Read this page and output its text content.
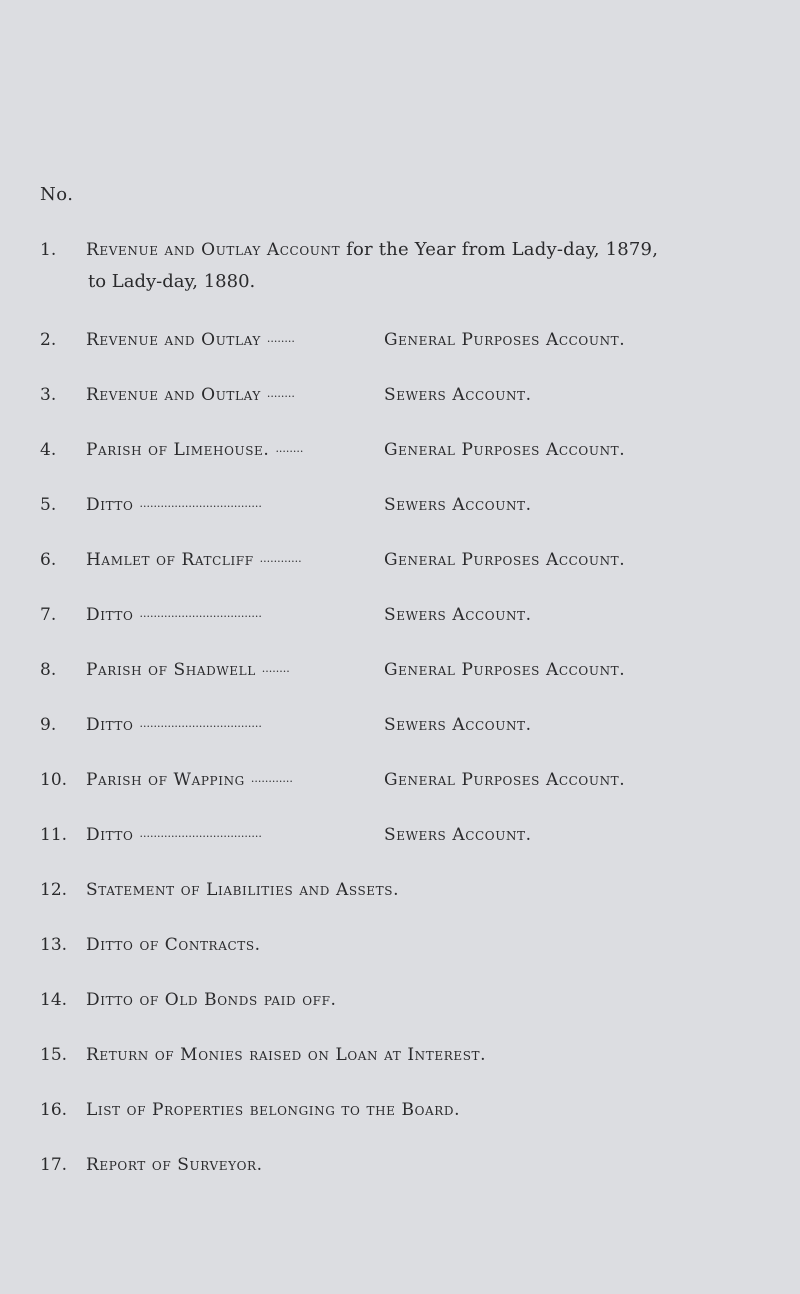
No.
1. Revenue and Outlay Account for the Year from Lady-day, 1879,
to Lady-day, 1880.
2. Revenue and Outlay ........	General Purposes Account.
3. Revenue and Outlay ........	Sewers Account.
4. Parish of Limehouse. ........	General Purposes Account.
5. Ditto ...................................	Sewers Account.
6. Hamlet of Ratcliff ............	General Purposes Account.
7. Ditto ...................................	Sewers Account.
8. Parish of Shadwell ........	General Purposes Account.
9. Ditto ...................................	Sewers Account.
10. Parish of Wapping ............	General Purposes Account.
11. Ditto ...................................	Sewers Account.
12. Statement of Liabilities and Assets.
13. Ditto of Contracts.
14. Ditto of Old Bonds paid off.
15. Return of Monies raised on Loan at Interest.
16. List of Properties belonging to the Board.
17. Report of Surveyor.
